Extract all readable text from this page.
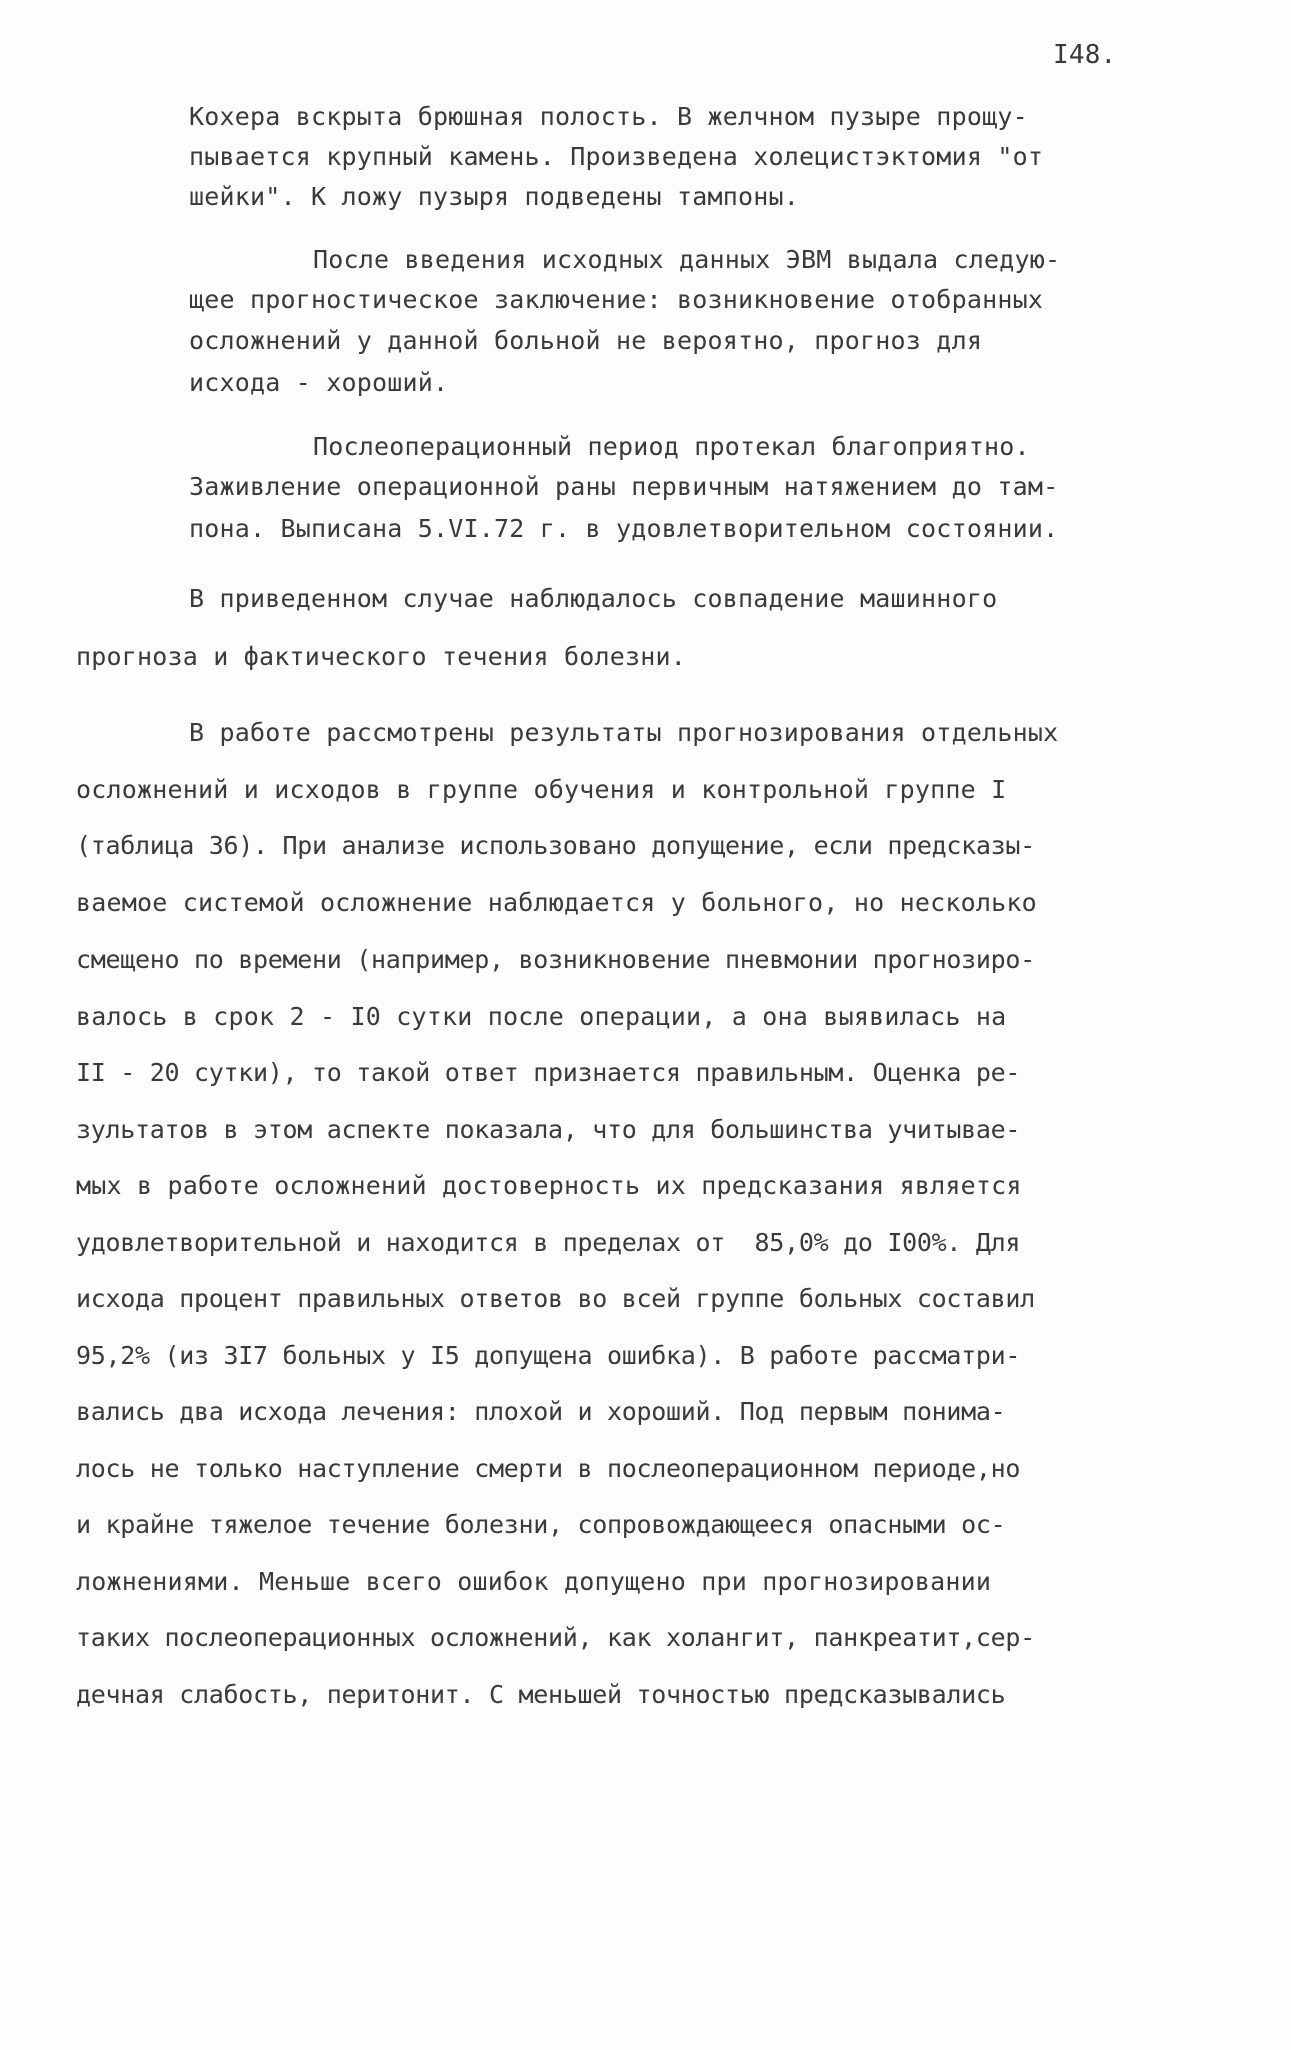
I48.
Кохера вскрыта брюшная полость. В желчном пузыре прощу-
пывается крупный камень. Произведена холецистэктомия "от
шейки". К ложу пузыря подведены тампоны.
После введения исходных данных ЭВМ выдала следую-
щее прогностическое заключение: возникновение отобранных
осложнений у данной больной не вероятно, прогноз для
исхода - хороший.
Послеоперационный период протекал благоприятно.
Заживление операционной раны первичным натяжением до там-
пона. Выписана 5.VI.72 г. в удовлетворительном состоянии.
В приведенном случае наблюдалось совпадение машинного
прогноза и фактического течения болезни.
В работе рассмотрены результаты прогнозирования отдельных
осложнений и исходов в группе обучения и контрольной группе I
(таблица 36). При анализе использовано допущение, если предсказы-
ваемое системой осложнение наблюдается у больного, но несколько
смещено по времени (например, возникновение пневмонии прогнозиро-
валось в срок 2 - I0 сутки после операции, а она выявилась на
II - 20 сутки), то такой ответ признается правильным. Оценка ре-
зультатов в этом аспекте показала, что для большинства учитывае-
мых в работе осложнений достоверность их предсказания является
удовлетворительной и находится в пределах от  85,0% до I00%. Для
исхода процент правильных ответов во всей группе больных составил
95,2% (из 3I7 больных у I5 допущена ошибка). В работе рассматри-
вались два исхода лечения: плохой и хороший. Под первым понима-
лось не только наступление смерти в послеоперационном периоде,но
и крайне тяжелое течение болезни, сопровождающееся опасными ос-
ложнениями. Меньше всего ошибок допущено при прогнозировании
таких послеоперационных осложнений, как холангит, панкреатит,сер-
дечная слабость, перитонит. С меньшей точностью предсказывались
